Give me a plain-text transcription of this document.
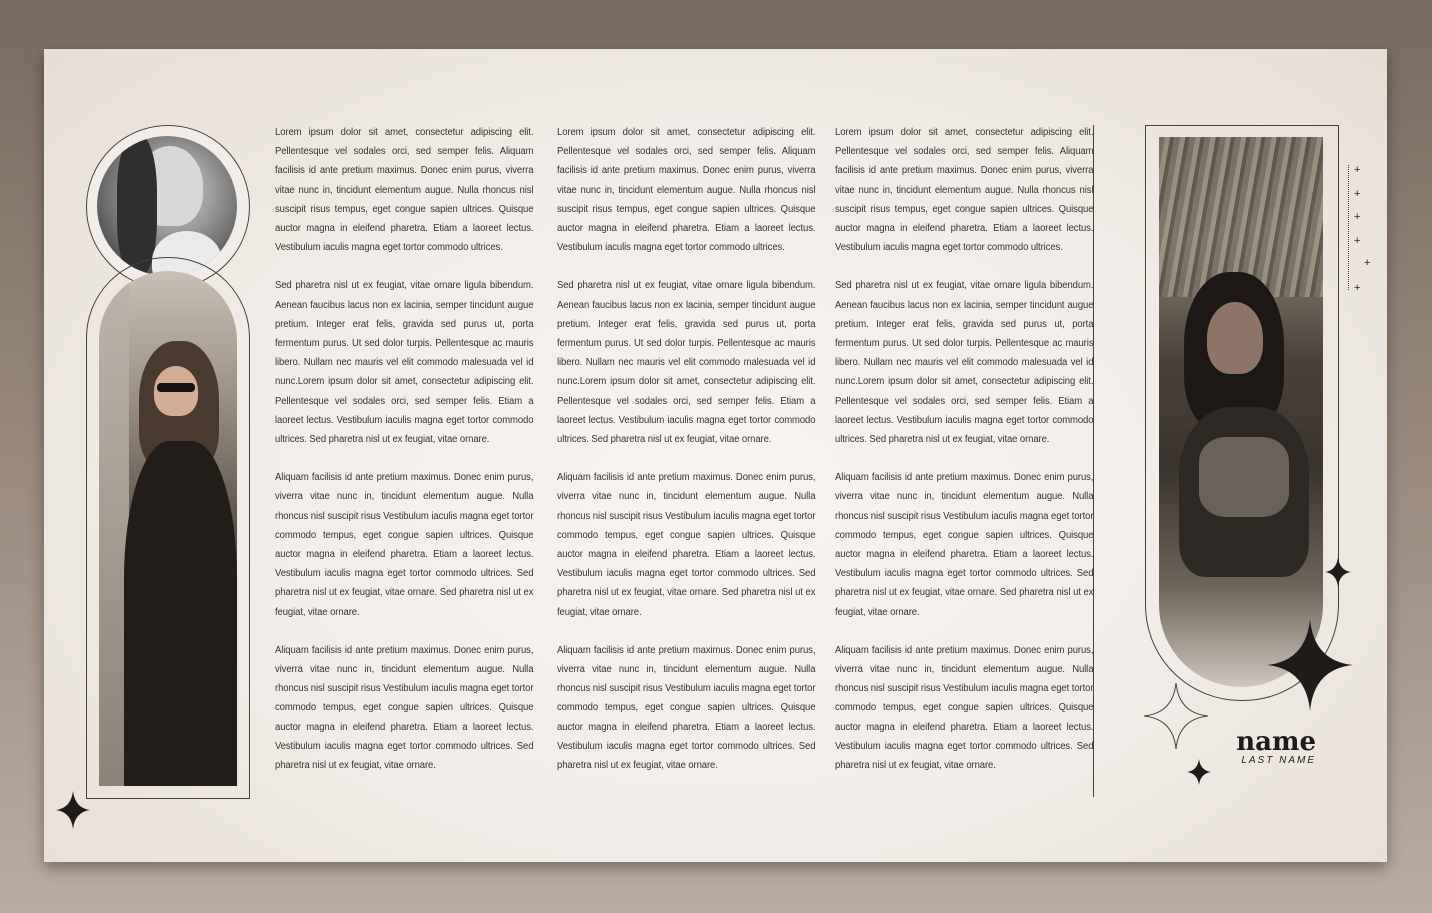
Lorem ipsum dolor sit amet, consectetur adipiscing elit. Pellentesque vel sodales orci, sed semper felis. Aliquam facilisis id ante pretium maximus. Donec enim purus, viverra vitae nunc in, tincidunt elementum augue. Nulla rhoncus nisl suscipit risus tempus, eget congue sapien ultrices. Quisque auctor magna in eleifend pharetra. Etiam a laoreet lectus. Vestibulum iaculis magna eget tortor commodo ultrices.

Sed pharetra nisl ut ex feugiat, vitae ornare ligula bibendum. Aenean faucibus lacus non ex lacinia, semper tincidunt augue pretium. Integer erat felis, gravida sed purus ut, porta fermentum purus. Ut sed dolor turpis. Pellentesque ac mauris libero. Nullam nec mauris vel elit commodo malesuada vel id nunc.Lorem ipsum dolor sit amet, consectetur adipiscing elit. Pellentesque vel sodales orci, sed semper felis. Etiam a laoreet lectus. Vestibulum iaculis magna eget tortor commodo ultrices. Sed pharetra nisl ut ex feugiat, vitae ornare.

Aliquam facilisis id ante pretium maximus. Donec enim purus, viverra vitae nunc in, tincidunt elementum augue. Nulla rhoncus nisl suscipit risus Vestibulum iaculis magna eget tortor commodo tempus, eget congue sapien ultrices. Quisque auctor magna in eleifend pharetra. Etiam a laoreet lectus. Vestibulum iaculis magna eget tortor commodo ultrices. Sed pharetra nisl ut ex feugiat, vitae ornare. Sed pharetra nisl ut ex feugiat, vitae ornare.

Aliquam facilisis id ante pretium maximus. Donec enim purus, viverra vitae nunc in, tincidunt elementum augue. Nulla rhoncus nisl suscipit risus Vestibulum iaculis magna eget tortor commodo tempus, eget congue sapien ultrices. Quisque auctor magna in eleifend pharetra. Etiam a laoreet lectus. Vestibulum iaculis magna eget tortor commodo ultrices. Sed pharetra nisl ut ex feugiat, vitae ornare.

Lorem ipsum dolor sit amet, consectetur adipiscing elit. Pellentesque vel sodales orci, sed semper felis. Aliquam facilisis id ante pretium maximus. Donec enim purus, viverra vitae nunc in, tincidunt elementum augue. Nulla rhoncus nisl suscipit risus tempus, eget congue sapien ultrices. Quisque auctor magna in eleifend pharetra. Etiam a laoreet lectus. Vestibulum iaculis magna eget tortor commodo ultrices.

Sed pharetra nisl ut ex feugiat, vitae ornare ligula bibendum. Aenean faucibus lacus non ex lacinia, semper tincidunt augue pretium. Integer erat felis, gravida sed purus ut, porta fermentum purus. Ut sed dolor turpis. Pellentesque ac mauris libero. Nullam nec mauris vel elit commodo malesuada vel id nunc.Lorem ipsum dolor sit amet, consectetur adipiscing elit. Pellentesque vel sodales orci, sed semper felis. Etiam a laoreet lectus. Vestibulum iaculis magna eget tortor commodo ultrices. Sed pharetra nisl ut ex feugiat, vitae ornare.

Aliquam facilisis id ante pretium maximus. Donec enim purus, viverra vitae nunc in, tincidunt elementum augue. Nulla rhoncus nisl suscipit risus Vestibulum iaculis magna eget tortor commodo tempus, eget congue sapien ultrices. Quisque auctor magna in eleifend pharetra. Etiam a laoreet lectus. Vestibulum iaculis magna eget tortor commodo ultrices. Sed pharetra nisl ut ex feugiat, vitae ornare. Sed pharetra nisl ut ex feugiat, vitae ornare.

Aliquam facilisis id ante pretium maximus. Donec enim purus, viverra vitae nunc in, tincidunt elementum augue. Nulla rhoncus nisl suscipit risus Vestibulum iaculis magna eget tortor commodo tempus, eget congue sapien ultrices. Quisque auctor magna in eleifend pharetra. Etiam a laoreet lectus. Vestibulum iaculis magna eget tortor commodo ultrices. Sed pharetra nisl ut ex feugiat, vitae ornare.

Lorem ipsum dolor sit amet, consectetur adipiscing elit. Pellentesque vel sodales orci, sed semper felis. Aliquam facilisis id ante pretium maximus. Donec enim purus, viverra vitae nunc in, tincidunt elementum augue. Nulla rhoncus nisl suscipit risus tempus, eget congue sapien ultrices. Quisque auctor magna in eleifend pharetra. Etiam a laoreet lectus. Vestibulum iaculis magna eget tortor commodo ultrices.

Sed pharetra nisl ut ex feugiat, vitae ornare ligula bibendum. Aenean faucibus lacus non ex lacinia, semper tincidunt augue pretium. Integer erat felis, gravida sed purus ut, porta fermentum purus. Ut sed dolor turpis. Pellentesque ac mauris libero. Nullam nec mauris vel elit commodo malesuada vel id nunc.Lorem ipsum dolor sit amet, consectetur adipiscing elit. Pellentesque vel sodales orci, sed semper felis. Etiam a laoreet lectus. Vestibulum iaculis magna eget tortor commodo ultrices. Sed pharetra nisl ut ex feugiat, vitae ornare.

Aliquam facilisis id ante pretium maximus. Donec enim purus, viverra vitae nunc in, tincidunt elementum augue. Nulla rhoncus nisl suscipit risus Vestibulum iaculis magna eget tortor commodo tempus, eget congue sapien ultrices. Quisque auctor magna in eleifend pharetra. Etiam a laoreet lectus. Vestibulum iaculis magna eget tortor commodo ultrices. Sed pharetra nisl ut ex feugiat, vitae ornare. Sed pharetra nisl ut ex feugiat, vitae ornare.

Aliquam facilisis id ante pretium maximus. Donec enim purus, viverra vitae nunc in, tincidunt elementum augue. Nulla rhoncus nisl suscipit risus Vestibulum iaculis magna eget tortor commodo tempus, eget congue sapien ultrices. Quisque auctor magna in eleifend pharetra. Etiam a laoreet lectus. Vestibulum iaculis magna eget tortor commodo ultrices. Sed pharetra nisl ut ex feugiat, vitae ornare.

+
+
+
+
+
+
name
LAST NAME
